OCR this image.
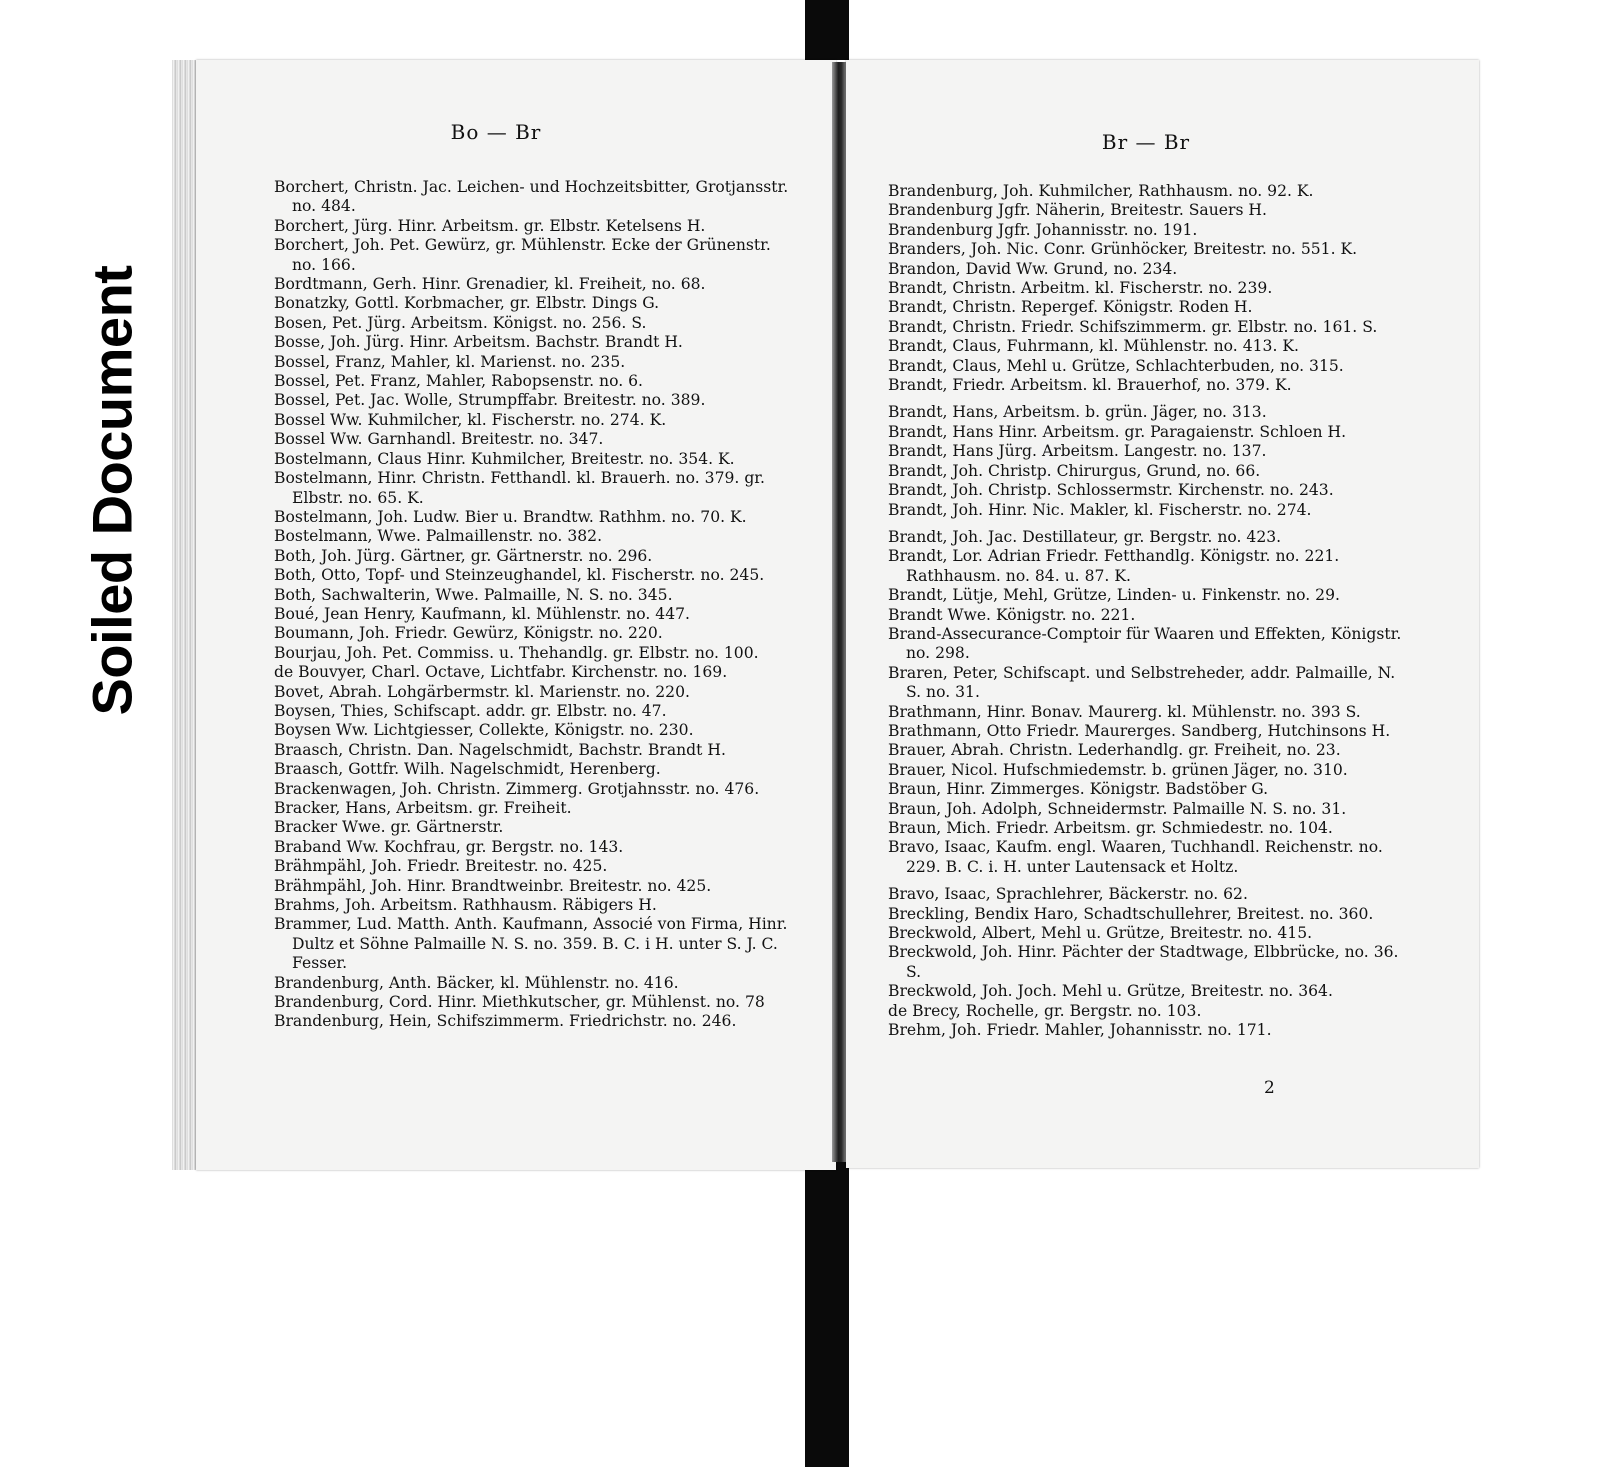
Soiled Document
Bo — Br
Borchert, Christn. Jac. Leichen- und Hochzeitsbitter, Grotjansstr. no. 484.
Borchert, Jürg. Hinr. Arbeitsm. gr. Elbstr. Ketelsens H.
Borchert, Joh. Pet. Gewürz, gr. Mühlenstr. Ecke der Grünenstr. no. 166.
Bordtmann, Gerh. Hinr. Grenadier, kl. Freiheit, no. 68.
Bonatzky, Gottl. Korbmacher, gr. Elbstr. Dings G.
Bosen, Pet. Jürg. Arbeitsm. Königst. no. 256. S.
Bosse, Joh. Jürg. Hinr. Arbeitsm. Bachstr. Brandt H.
Bossel, Franz, Mahler, kl. Marienst. no. 235.
Bossel, Pet. Franz, Mahler, Rabopsenstr. no. 6.
Bossel, Pet. Jac. Wolle, Strumpffabr. Breitestr. no. 389.
Bossel Ww. Kuhmilcher, kl. Fischerstr. no. 274. K.
Bossel Ww. Garnhandl. Breitestr. no. 347.
Bostelmann, Claus Hinr. Kuhmilcher, Breitestr. no. 354. K.
Bostelmann, Hinr. Christn. Fetthandl. kl. Brauerh. no. 379. gr. Elbstr. no. 65. K.
Bostelmann, Joh. Ludw. Bier u. Brandtw. Rathhm. no. 70. K.
Bostelmann, Wwe. Palmaillenstr. no. 382.
Both, Joh. Jürg. Gärtner, gr. Gärtnerstr. no. 296.
Both, Otto, Topf- und Steinzeughandel, kl. Fischerstr. no. 245.
Both, Sachwalterin, Wwe. Palmaille, N. S. no. 345.
Boué, Jean Henry, Kaufmann, kl. Mühlenstr. no. 447.
Boumann, Joh. Friedr. Gewürz, Königstr. no. 220.
Bourjau, Joh. Pet. Commiss. u. Thehandlg. gr. Elbstr. no. 100.
de Bouvyer, Charl. Octave, Lichtfabr. Kirchenstr. no. 169.
Bovet, Abrah. Lohgärbermstr. kl. Marienstr. no. 220.
Boysen, Thies, Schifscapt. addr. gr. Elbstr. no. 47.
Boysen Ww. Lichtgiesser, Collekte, Königstr. no. 230.
Braasch, Christn. Dan. Nagelschmidt, Bachstr. Brandt H.
Braasch, Gottfr. Wilh. Nagelschmidt, Herenberg.
Brackenwagen, Joh. Christn. Zimmerg. Grotjahnsstr. no. 476.
Bracker, Hans, Arbeitsm. gr. Freiheit.
Bracker Wwe. gr. Gärtnerstr.
Braband Ww. Kochfrau, gr. Bergstr. no. 143.
Brähmpähl, Joh. Friedr. Breitestr. no. 425.
Brähmpähl, Joh. Hinr. Brandtweinbr. Breitestr. no. 425.
Brahms, Joh. Arbeitsm. Rathhausm. Räbigers H.
Brammer, Lud. Matth. Anth. Kaufmann, Associé von Firma, Hinr. Dultz et Söhne Palmaille N. S. no. 359. B. C. i H. unter S. J. C. Fesser.
Brandenburg, Anth. Bäcker, kl. Mühlenstr. no. 416.
Brandenburg, Cord. Hinr. Miethkutscher, gr. Mühlenst. no. 78
Brandenburg, Hein, Schifszimmerm. Friedrichstr. no. 246.
Br — Br
Brandenburg, Joh. Kuhmilcher, Rathhausm. no. 92. K.
Brandenburg Jgfr. Näherin, Breitestr. Sauers H.
Brandenburg Jgfr. Johannisstr. no. 191.
Branders, Joh. Nic. Conr. Grünhöcker, Breitestr. no. 551. K.
Brandon, David Ww. Grund, no. 234.
Brandt, Christn. Arbeitm. kl. Fischerstr. no. 239.
Brandt, Christn. Repergef. Königstr. Roden H.
Brandt, Christn. Friedr. Schifszimmerm. gr. Elbstr. no. 161. S.
Brandt, Claus, Fuhrmann, kl. Mühlenstr. no. 413. K.
Brandt, Claus, Mehl u. Grütze, Schlachterbuden, no. 315.
Brandt, Friedr. Arbeitsm. kl. Brauerhof, no. 379. K.
Brandt, Hans, Arbeitsm. b. grün. Jäger, no. 313.
Brandt, Hans Hinr. Arbeitsm. gr. Paragaienstr. Schloen H.
Brandt, Hans Jürg. Arbeitsm. Langestr. no. 137.
Brandt, Joh. Christp. Chirurgus, Grund, no. 66.
Brandt, Joh. Christp. Schlossermstr. Kirchenstr. no. 243.
Brandt, Joh. Hinr. Nic. Makler, kl. Fischerstr. no. 274.
Brandt, Joh. Jac. Destillateur, gr. Bergstr. no. 423.
Brandt, Lor. Adrian Friedr. Fetthandlg. Königstr. no. 221. Rathhausm. no. 84. u. 87. K.
Brandt, Lütje, Mehl, Grütze, Linden- u. Finkenstr. no. 29.
Brandt Wwe. Königstr. no. 221.
Brand-Assecurance-Comptoir für Waaren und Effekten, Königstr. no. 298.
Braren, Peter, Schifscapt. und Selbstreheder, addr. Palmaille, N. S. no. 31.
Brathmann, Hinr. Bonav. Maurerg. kl. Mühlenstr. no. 393 S.
Brathmann, Otto Friedr. Maurerges. Sandberg, Hutchinsons H.
Brauer, Abrah. Christn. Lederhandlg. gr. Freiheit, no. 23.
Brauer, Nicol. Hufschmiedemstr. b. grünen Jäger, no. 310.
Braun, Hinr. Zimmerges. Königstr. Badstöber G.
Braun, Joh. Adolph, Schneidermstr. Palmaille N. S. no. 31.
Braun, Mich. Friedr. Arbeitsm. gr. Schmiedestr. no. 104.
Bravo, Isaac, Kaufm. engl. Waaren, Tuchhandl. Reichenstr. no. 229. B. C. i. H. unter Lautensack et Holtz.
Bravo, Isaac, Sprachlehrer, Bäckerstr. no. 62.
Breckling, Bendix Haro, Schadtschullehrer, Breitest. no. 360.
Breckwold, Albert, Mehl u. Grütze, Breitestr. no. 415.
Breckwold, Joh. Hinr. Pächter der Stadtwage, Elbbrücke, no. 36. S.
Breckwold, Joh. Joch. Mehl u. Grütze, Breitestr. no. 364.
de Brecy, Rochelle, gr. Bergstr. no. 103.
Brehm, Joh. Friedr. Mahler, Johannisstr. no. 171.
2
